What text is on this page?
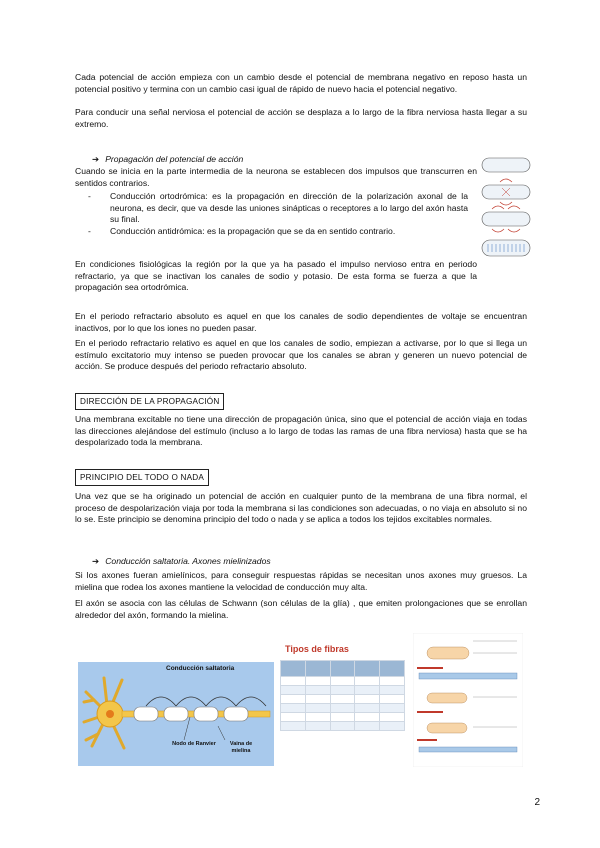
Cada potencial de acción empieza con un cambio desde el potencial de membrana negativo en reposo hasta un potencial positivo y termina con un cambio casi igual de rápido de nuevo hacia el potencial negativo.

Para conducir una señal nerviosa el potencial de acción se desplaza a lo largo de la fibra nerviosa hasta llegar a su extremo.

➔ Propagación del potencial de acción

Cuando se inicia en la parte intermedia de la neurona se establecen dos impulsos que transcurren en sentidos contrarios.

- Conducción ortodrómica: es la propagación en dirección de la polarización axonal de la neurona, es decir, que va desde las uniones sinápticas o receptores a lo largo del axón hasta su final.
- Conducción antidrómica: es la propagación que se da en sentido contrario.

En condiciones fisiológicas la región por la que ya ha pasado el impulso nervioso entra en periodo refractario, ya que se inactivan los canales de sodio y potasio. De esta forma se fuerza a que la propagación sea ortodrómica.

En el periodo refractario absoluto es aquel en que los canales de sodio dependientes de voltaje se encuentran inactivos, por lo que los iones no pueden pasar.

En el periodo refractario relativo es aquel en que los canales de sodio, empiezan a activarse, por lo que si llega un estímulo excitatorio muy intenso se pueden provocar que los canales se abran y generen un nuevo potencial de acción. Se produce después del periodo refractario absoluto.

DIRECCIÓN DE LA PROPAGACIÓN

Una membrana excitable no tiene una dirección de propagación única, sino que el potencial de acción viaja en todas las direcciones alejándose del estímulo (incluso a lo largo de todas las ramas de una fibra nerviosa) hasta que se ha despolarizado toda la membrana.

PRINCIPIO DEL TODO O NADA

Una vez que se ha originado un potencial de acción en cualquier punto de la membrana de una fibra normal, el proceso de despolarización viaja por toda la membrana si las condiciones son adecuadas, o no viaja en absoluto si no lo se. Este principio se denomina principio del todo o nada y se aplica a todos los tejidos excitables normales.

➔ Conducción saltatoria. Axones mielinizados

Si los axones fueran amielínicos, para conseguir respuestas rápidas se necesitan unos axones muy gruesos. La mielina que rodea los axones mantiene la velocidad de conducción muy alta.

El axón se asocia con las células de Schwann (son células de la glía) , que emiten prolongaciones que se enrollan alrededor del axón, formando la mielina.

Conducción saltatoria
Nodo de Ranvier	Vaina de mielina
Tipos de fibras

2
